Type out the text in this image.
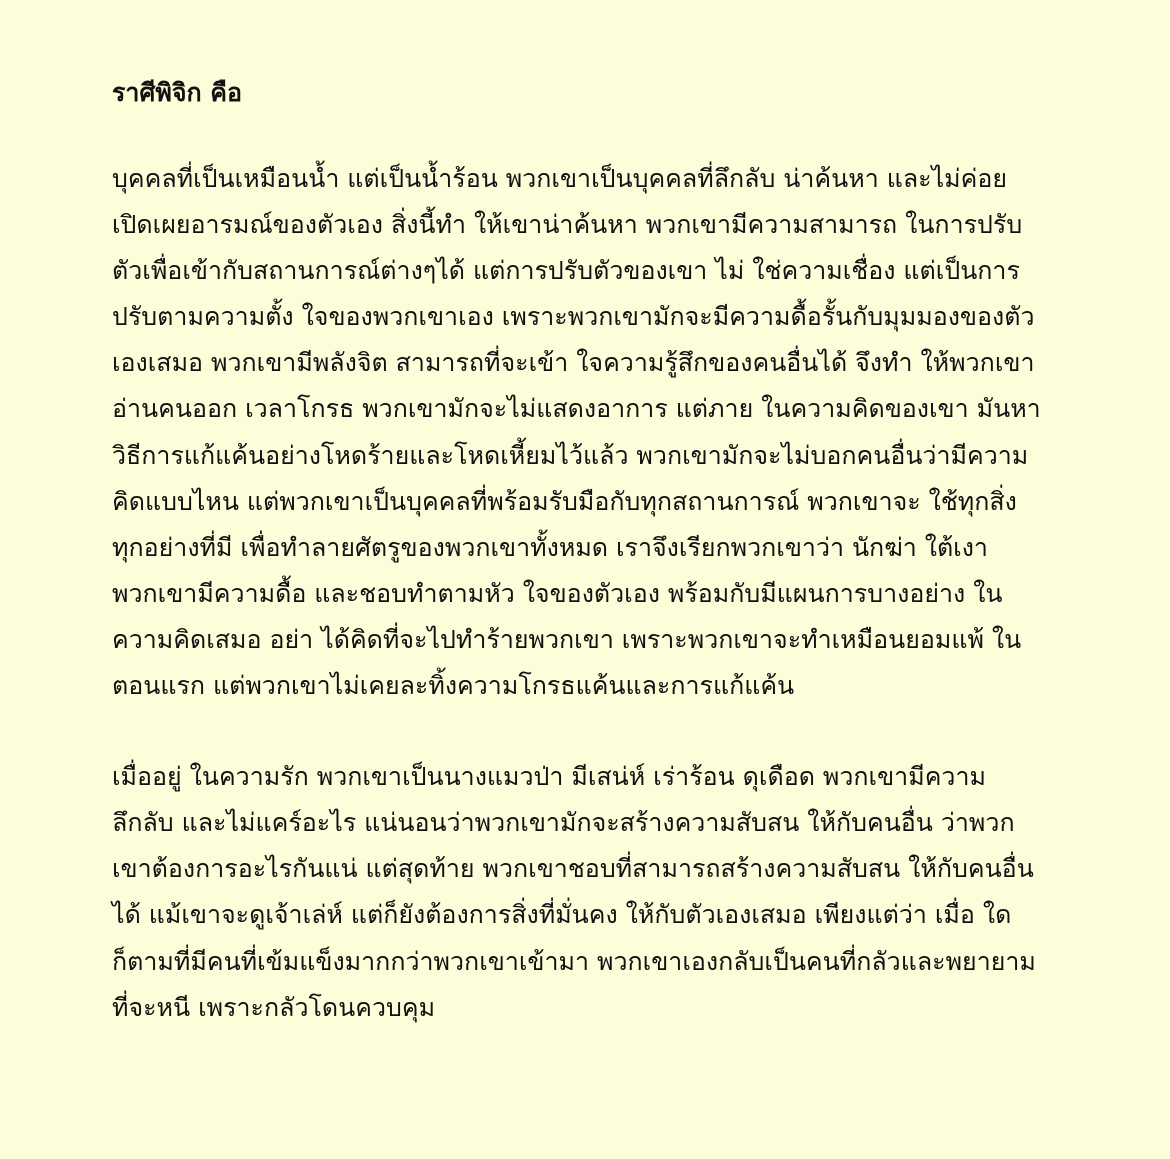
ราศีพิจิก คือ
บุคคลที่เป็นเหมือนน้ำ แต่เป็นน้ำร้อน พวกเขาเป็นบุคคลที่ลึกลับ น่าค้นหา และไม่ค่อย
เปิดเผยอารมณ์ของตัวเอง สิ่งนี้ทำ ให้เขาน่าค้นหา พวกเขามีความสามารถ ในการปรับ
ตัวเพื่อเข้ากับสถานการณ์ต่างๆได้ แต่การปรับตัวของเขา ไม่ ใช่ความเชื่อง แต่เป็นการ
ปรับตามความตั้ง ใจของพวกเขาเอง เพราะพวกเขามักจะมีความดื้อรั้นกับมุมมองของตัว
เองเสมอ พวกเขามีพลังจิต สามารถที่จะเข้า ใจความรู้สึกของคนอื่นได้ จึงทำ ให้พวกเขา
อ่านคนออก เวลาโกรธ พวกเขามักจะไม่แสดงอาการ แต่ภาย ในความคิดของเขา มันหา
วิธีการแก้แค้นอย่างโหดร้ายและโหดเหี้ยมไว้แล้ว พวกเขามักจะไม่บอกคนอื่นว่ามีความ
คิดแบบไหน แต่พวกเขาเป็นบุคคลที่พร้อมรับมือกับทุกสถานการณ์ พวกเขาจะ ใช้ทุกสิ่ง
ทุกอย่างที่มี เพื่อทำลายศัตรูของพวกเขาทั้งหมด เราจึงเรียกพวกเขาว่า นักฆ่า ใต้เงา
พวกเขามีความดื้อ และชอบทำตามหัว ใจของตัวเอง พร้อมกับมีแผนการบางอย่าง ใน
ความคิดเสมอ อย่า ได้คิดที่จะไปทำร้ายพวกเขา เพราะพวกเขาจะทำเหมือนยอมแพ้ ใน
ตอนแรก แต่พวกเขาไม่เคยละทิ้งความโกรธแค้นและการแก้แค้น
เมื่ออยู่ ในความรัก พวกเขาเป็นนางแมวป่า มีเสน่ห์ เร่าร้อน ดุเดือด พวกเขามีความ
ลึกลับ และไม่แคร์อะไร แน่นอนว่าพวกเขามักจะสร้างความสับสน ให้กับคนอื่น ว่าพวก
เขาต้องการอะไรกันแน่ แต่สุดท้าย พวกเขาชอบที่สามารถสร้างความสับสน ให้กับคนอื่น
ได้ แม้เขาจะดูเจ้าเล่ห์ แต่ก็ยังต้องการสิ่งที่มั่นคง ให้กับตัวเองเสมอ เพียงแต่ว่า เมื่อ ใด
ก็ตามที่มีคนที่เข้มแข็งมากกว่าพวกเขาเข้ามา พวกเขาเองกลับเป็นคนที่กลัวและพยายาม
ที่จะหนี เพราะกลัวโดนควบคุม
